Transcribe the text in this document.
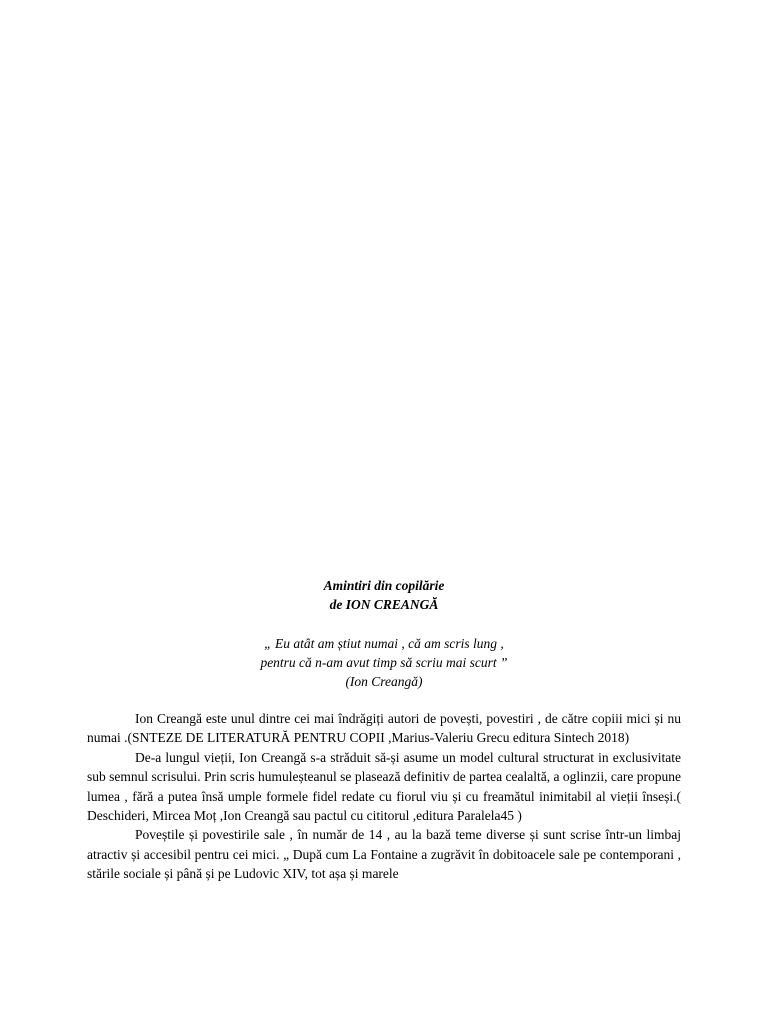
Amintiri din copilărie
de ION CREANGĂ
„ Eu atât am știut numai , că am scris lung ,
pentru că n-am avut timp să scriu mai scurt ”
(Ion Creangă)

Ion Creangă este unul dintre cei mai îndrăgiți autori de povești, povestiri , de către copiii mici și nu numai .(SNTEZE DE LITERATURĂ PENTRU COPII ,Marius-Valeriu Grecu editura Sintech 2018)

De-a lungul vieții, Ion Creangă s-a străduit să-și asume un model cultural structurat in exclusivitate sub semnul scrisului. Prin scris humuleșteanul se plasează definitiv de partea cealaltă, a oglinzii, care propune lumea , fără a putea însă umple formele fidel redate cu fiorul viu și cu freamătul inimitabil al vieții înseși.( Deschideri, Mircea Moț ,Ion Creangă sau pactul cu cititorul ,editura Paralela45 )

Poveștile și povestirile sale , în număr de 14 , au la bază teme diverse și sunt scrise într-un limbaj atractiv și accesibil pentru cei mici. „ După cum La Fontaine a zugrăvit în dobitoacele sale pe contemporani , stările sociale și până și pe Ludovic XIV, tot așa și marele
